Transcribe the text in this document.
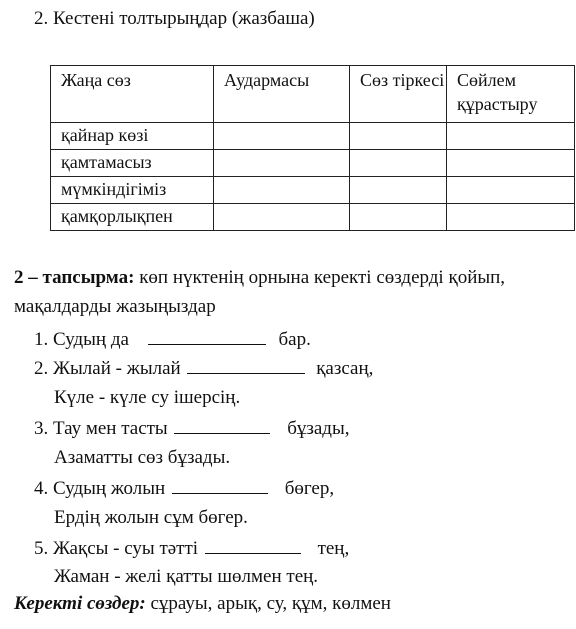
2. Кестені толтырыңдар (жазбаша)
Жаңа сөз	Аудармасы	Сөз тіркесі	Сөйлем құрастыру
қайнар көзі			
қамтамасыз			
мүмкіндігіміз			
қамқорлықпен			
2 – тапсырма: көп нүктенің орнына керекті сөздерді қойып,
мақалдарды жазыңыздар
1. Судың да	бар.
2. Жылай - жылай	қазсаң,
Күле - күле су ішерсің.
3. Тау мен тасты	бұзады,
Азаматты сөз бұзады.
4. Судың жолын	бөгер,
Ердің жолын сұм бөгер.
5. Жақсы - суы тәтті	тең,
Жаман - желі қатты шөлмен тең.
Керекті сөздер: сұрауы, арық, су, құм, көлмен
